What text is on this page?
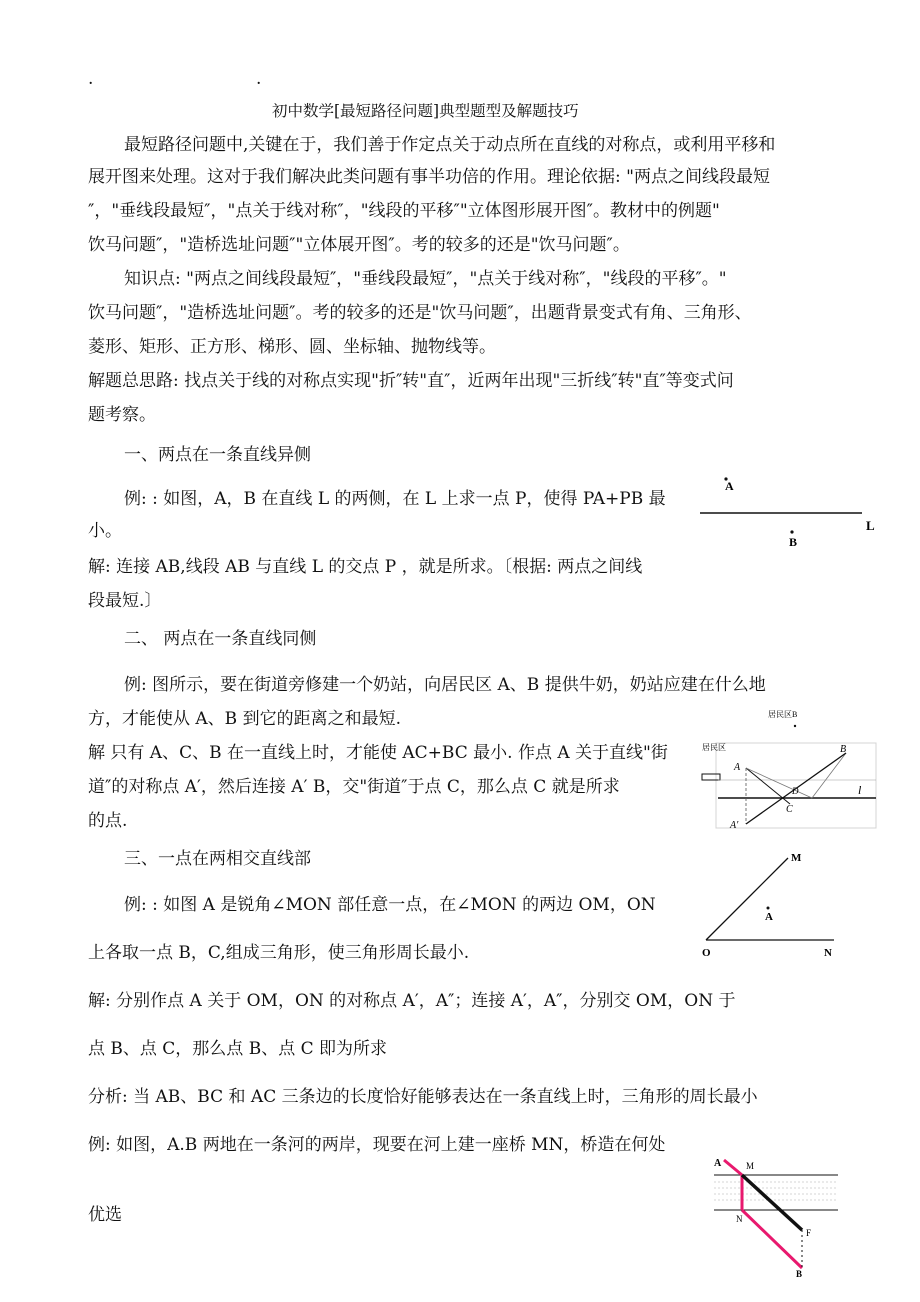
.	.
初中数学[最短路径问题]典型题型及解题技巧
最短路径问题中,关键在于，我们善于作定点关于动点所在直线的对称点，或利用平移和
展开图来处理。这对于我们解决此类问题有事半功倍的作用。理论依据: "两点之间线段最短
″，"垂线段最短″，"点关于线对称″，"线段的平移″"立体图形展开图″。教材中的例题"
饮马问题″，"造桥选址问题″"立体展开图″。考的较多的还是"饮马问题″。
知识点: "两点之间线段最短″，"垂线段最短″，"点关于线对称″，"线段的平移″。"
饮马问题″，"造桥选址问题″。考的较多的还是"饮马问题″，出题背景变式有角、三角形、
菱形、矩形、正方形、梯形、圆、坐标轴、抛物线等。
解题总思路: 找点关于线的对称点实现"折″转"直″，近两年出现"三折线″转"直″等变式问
题考察。
一、两点在一条直线异侧
例: : 如图，A，B 在直线 L 的两侧，在 L 上求一点 P，使得 PA+PB 最
小。
解: 连接 AB,线段 AB 与直线 L 的交点 P ，就是所求。〔根据: 两点之间线
段最短.〕
A
L
B
二、 两点在一条直线同侧
例: 图所示，要在街道旁修建一个奶站，向居民区 A、B 提供牛奶，奶站应建在什么地
方，才能使从 A、B 到它的距离之和最短.
解 只有 A、C、B 在一直线上时，才能使 AC+BC 最小. 作点 A 关于直线"街
道″的对称点 A′，然后连接 A′ B，交"街道″于点 C，那么点 C 就是所求
的点.
居民区B
居民区
l
A
B
D
C
A′
三、一点在两相交直线部
例: : 如图 A 是锐角∠MON 部任意一点，在∠MON 的两边 OM，ON
上各取一点 B，C,组成三角形，使三角形周长最小.
解: 分别作点 A 关于 OM，ON 的对称点 A′，A″；连接 A′，A″，分别交 OM，ON 于
点 B、点 C，那么点 B、点 C 即为所求
分析: 当 AB、BC 和 AC 三条边的长度恰好能够表达在一条直线上时，三角形的周长最小
M
A
O	N
例: 如图，A.B 两地在一条河的两岸，现要在河上建一座桥 MN，桥造在何处
A	M
N
F
B
优选
